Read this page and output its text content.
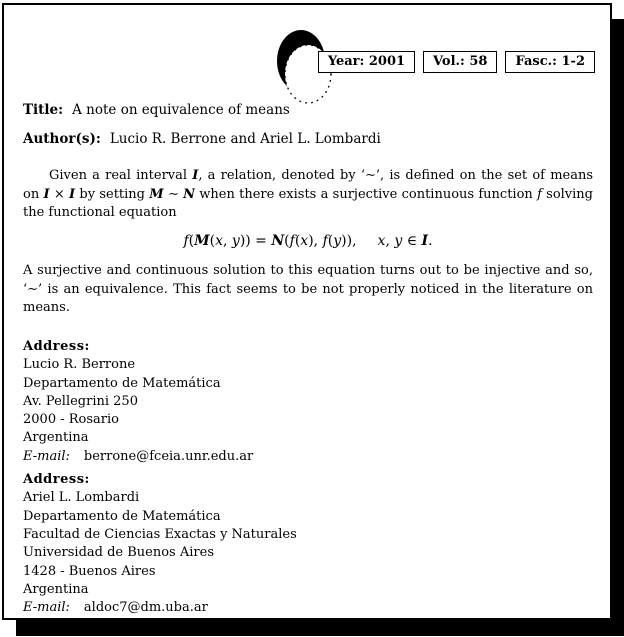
Year: 2001	Vol.: 58	Fasc.: 1-2

Title: A note on equivalence of means

Author(s): Lucio R. Berrone and Ariel L. Lombardi

Given a real interval I, a relation, denoted by ‘∼’, is defined on the set of means on I × I by setting M ∼ N when there exists a surjective continuous function f solving the functional equation

f(M(x, y)) = N(f(x), f(y)),    x, y ∈ I.

A surjective and continuous solution to this equation turns out to be injective and so, ‘∼’ is an equivalence. This fact seems to be not properly noticed in the literature on means.

Address:
Lucio R. Berrone
Departamento de Matemática
Av. Pellegrini 250
2000 - Rosario
Argentina
E-mail: berrone@fceia.unr.edu.ar
Address:
Ariel L. Lombardi
Departamento de Matemática
Facultad de Ciencias Exactas y Naturales
Universidad de Buenos Aires
1428 - Buenos Aires
Argentina
E-mail: aldoc7@dm.uba.ar
